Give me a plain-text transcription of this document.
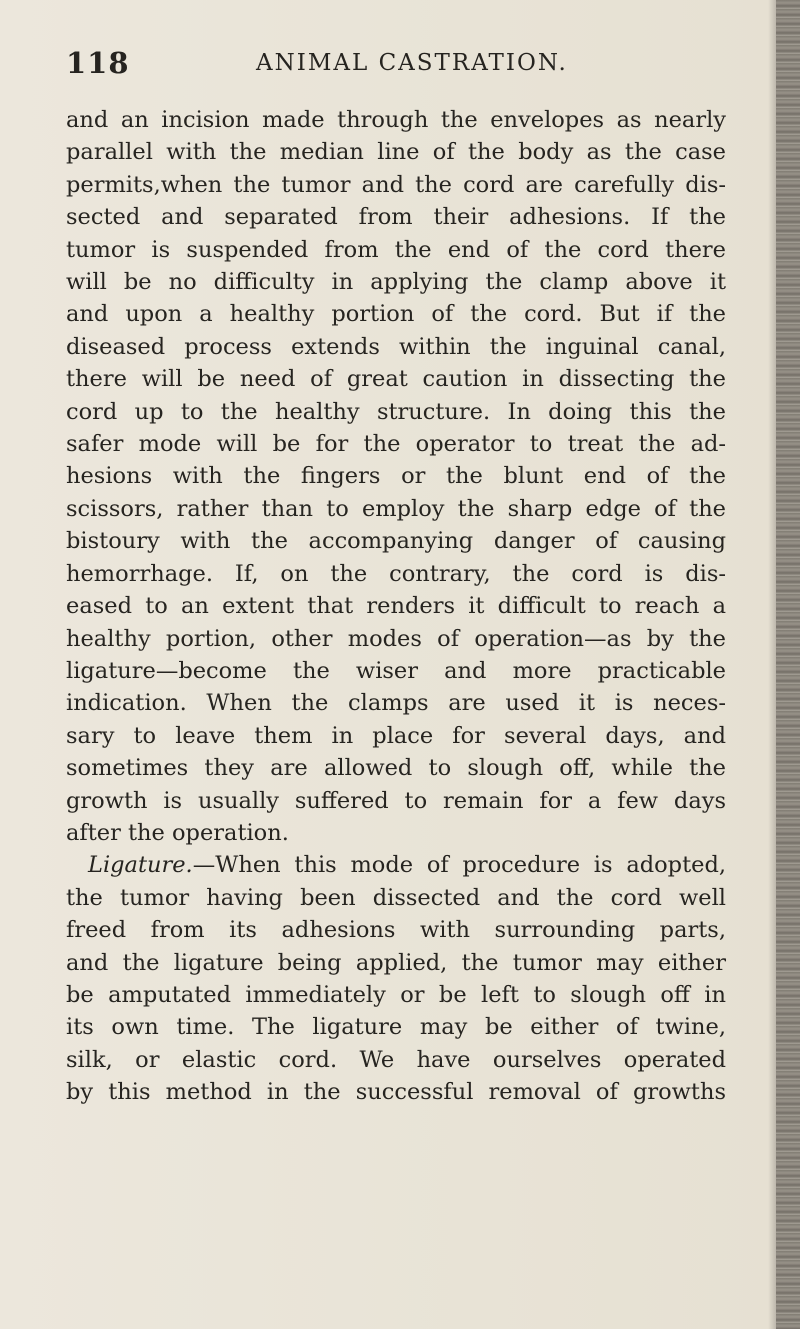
118	ANIMAL CASTRATION.
and an incision made through the envelopes as nearly
parallel with the median line of the body as the case
permits,when the tumor and the cord are carefully dis-
sected and separated from their adhesions. If the
tumor is suspended from the end of the cord there
will be no difficulty in applying the clamp above it
and upon a healthy portion of the cord. But if the
diseased process extends within the inguinal canal,
there will be need of great caution in dissecting the
cord up to the healthy structure. In doing this the
safer mode will be for the operator to treat the ad-
hesions with the fingers or the blunt end of the
scissors, rather than to employ the sharp edge of the
bistoury with the accompanying danger of causing
hemorrhage. If, on the contrary, the cord is dis-
eased to an extent that renders it difficult to reach a
healthy portion, other modes of operation—as by the
ligature—become the wiser and more practicable
indication. When the clamps are used it is neces-
sary to leave them in place for several days, and
sometimes they are allowed to slough off, while the
growth is usually suffered to remain for a few days
after the operation.
Ligature.—When this mode of procedure is adopted,
the tumor having been dissected and the cord well
freed from its adhesions with surrounding parts,
and the ligature being applied, the tumor may either
be amputated immediately or be left to slough off in
its own time. The ligature may be either of twine,
silk, or elastic cord. We have ourselves operated
by this method in the successful removal of growths
